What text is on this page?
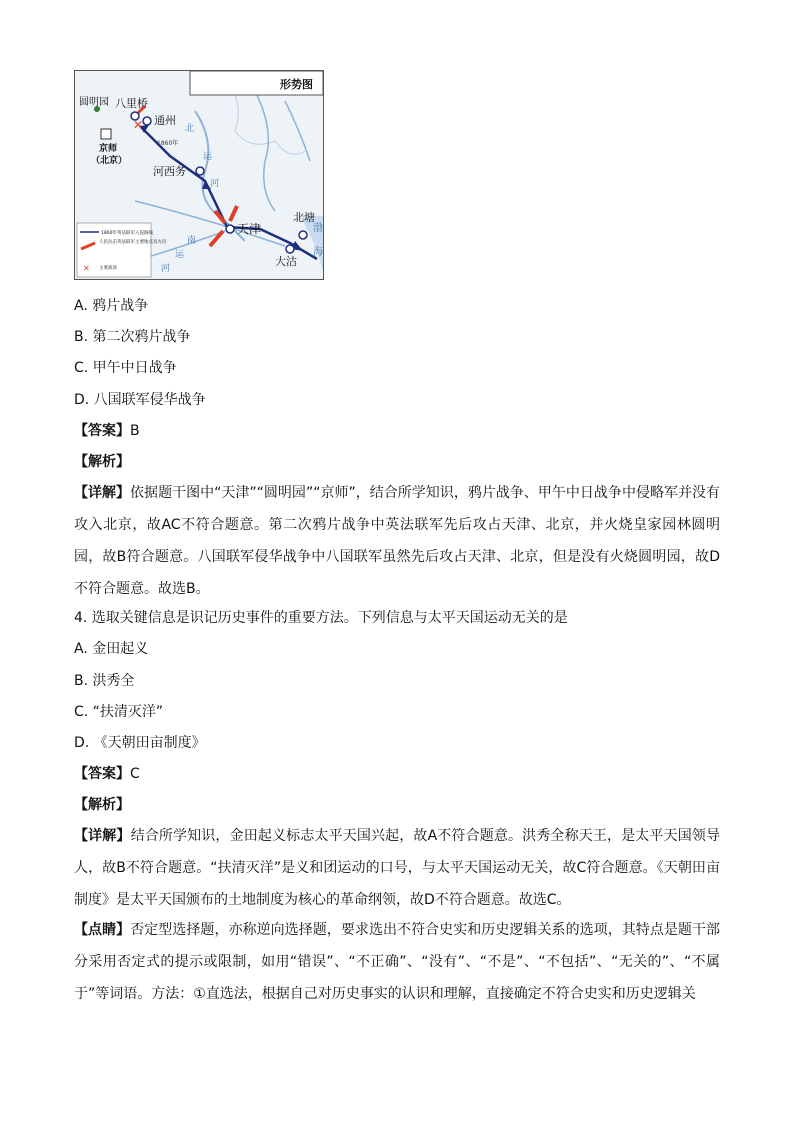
形势图
✕
圆明园 八里桥
通州
京师
（北京）
河西务
天津
北塘
大沽
北
运
河
渤
海
南
运
河
1860年
1860年英法联军入侵路线
人民抗击英法联军主要地点及方向
✕ 主要战场
A. 鸦片战争
B. 第二次鸦片战争
C. 甲午中日战争
D. 八国联军侵华战争
【答案】B
【解析】
【详解】依据题干图中“天津”“圆明园”“京师”，结合所学知识，鸦片战争、甲午中日战争中侵略军并没有攻入北京，故AC不符合题意。第二次鸦片战争中英法联军先后攻占天津、北京，并火烧皇家园林圆明园，故B符合题意。八国联军侵华战争中八国联军虽然先后攻占天津、北京，但是没有火烧圆明园，故D不符合题意。故选B。
4. 选取关键信息是识记历史事件的重要方法。下列信息与太平天国运动无关的是
A. 金田起义
B. 洪秀全
C. “扶清灭洋”
D. 《天朝田亩制度》
【答案】C
【解析】
【详解】结合所学知识，金田起义标志太平天国兴起，故A不符合题意。洪秀全称天王，是太平天国领导人，故B不符合题意。“扶清灭洋”是义和团运动的口号，与太平天国运动无关，故C符合题意。《天朝田亩制度》是太平天国颁布的土地制度为核心的革命纲领，故D不符合题意。故选C。
【点睛】否定型选择题，亦称逆向选择题，要求选出不符合史实和历史逻辑关系的选项，其特点是题干部分采用否定式的提示或限制，如用“错误”、“不正确”、“没有”、“不是”、“不包括”、“无关的”、“不属于”等词语。方法：①直选法，根据自己对历史事实的认识和理解，直接确定不符合史实和历史逻辑关
